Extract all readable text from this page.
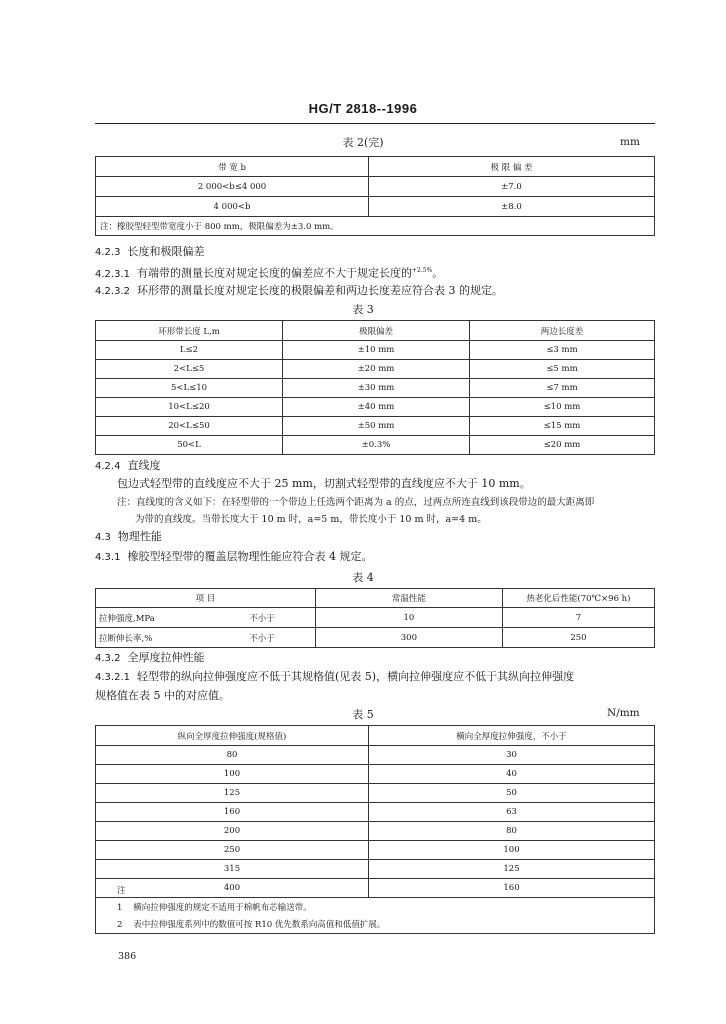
HG/T 2818--1996
表 2(完)	mm
带 宽 b	极 限 偏 差
2 000<b≤4 000	±7.0
4 000<b	±8.0
注：橡胶型轻型带宽度小于 800 mm，极限偏差为±3.0 mm。	
4.2.3 长度和极限偏差
4.2.3.1 有端带的测量长度对规定长度的偏差应不大于规定长度的$^{+2.5\%}$。
4.2.3.2 环形带的测量长度对规定长度的极限偏差和两边长度差应符合表 3 的规定。
表 3
环形带长度 L,m	极限偏差	两边长度差
L≤2	±10 mm	≤3 mm
2<L≤5	±20 mm	≤5 mm
5<L≤10	±30 mm	≤7 mm
10<L≤20	±40 mm	≤10 mm
20<L≤50	±50 mm	≤15 mm
50<L	±0.3%	≤20 mm
4.2.4 直线度
包边式轻型带的直线度应不大于 25 mm，切割式轻型带的直线度应不大于 10 mm。
注：直线度的含义如下：在轻型带的一个带边上任选两个距离为 a 的点，过两点所连直线到该段带边的最大距离即
为带的直线度。当带长度大于 10 m 时，a=5 m，带长度小于 10 m 时，a=4 m。
4.3 物理性能
4.3.1 橡胶型轻型带的覆盖层物理性能应符合表 4 规定。
表 4
项 目		常温性能	热老化后性能(70℃×96 h)
拉伸强度,MPa	不小于	10	7
拉断伸长率,%	不小于	300	250
4.3.2 全厚度拉伸性能
4.3.2.1 轻型带的纵向拉伸强度应不低于其规格值(见表 5)，横向拉伸强度应不低于其纵向拉伸强度
规格值在表 5 中的对应值。
表 5	N/mm
纵向全厚度拉伸强度(规格值)	横向全厚度拉伸强度，不小于
80	30
100	40
125	50
160	63
200	80
250	100
315	125
400	160
注
1 横向拉伸强度的规定不适用于棉帆布芯输送带。
2 表中拉伸强度系列中的数值可按 R10 优先数系向高值和低值扩展。
386
